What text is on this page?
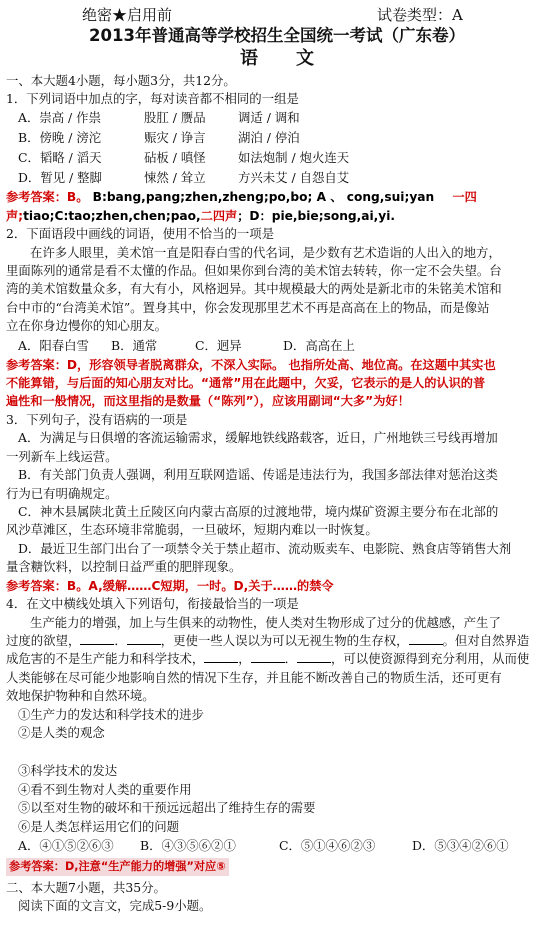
绝密★启用前	试卷类型：A
2013年普通高等学校招生全国统一考试（广东卷）
语文
一、本大题4小题，每小题3分，共12分。
1．下列词语中加点的字，每对读音都不相同的一组是
A．崇高 / 作祟	股肛 / 赝品	调适 / 调和
B．傍晚 / 滂沱	赈灾 / 诤言	湖泊 / 停泊
C．韬略 / 滔天	砧板 / 嗔怪	如法炮制 / 炮火连天
D．暂见 / 整脚	悚然 / 耸立	方兴未艾 / 自怨自艾
参考答案：B。 B:bang,pang;zhen,zheng;po,bo; A 、 cong,sui;yan 一四
声;tiao;C:tao;zhen,chen;pao,二四声；D：pie,bie;song,ai,yi.
2．下面语段中画线的词语，使用不恰当的一项是
在许多人眼里，美术馆一直是阳春白雪的代名词，是少数有艺术造诣的人出入的地方，
里面陈列的通常是看不太懂的作品。但如果你到台湾的美术馆去转转，你一定不会失望。台
湾的美术馆数量众多，有大有小，风格迥异。其中规模最大的两处是新北市的朱铭美术馆和
台中市的“台湾美术馆”。置身其中，你会发现那里艺术不再是高高在上的物品，而是像站
立在你身边慢你的知心朋友。
A．阳春白雪	B．通常	C．迥异	D．高高在上
参考答案：D，形容领导者脱离群众，不深入实际。 也指所处高、地位高。在这题中其实也
不能算错，与后面的知心朋友对比。“通常”用在此题中，欠妥，它表示的是人的认识的普
遍性和一般情况，而这里指的是数量（“陈列”），应该用副词“大多”为好！
3．下列句子，没有语病的一项是
A．为满足与日俱增的客流运输需求，缓解地铁线路载客，近日，广州地铁三号线再增加
一列新车上线运营。
B．有关部门负责人强调，利用互联网造谣、传谣是违法行为，我国多部法律对惩治这类
行为已有明确规定。
C．神木县属陕北黄土丘陵区向内蒙古高原的过渡地带，境内煤矿资源主要分布在北部的
风沙草滩区，生态环境非常脆弱，一旦破坏，短期内难以一时恢复。
D．最近卫生部门出台了一项禁令关于禁止超市、流动贩卖车、电影院、熟食店等销售大剂
量含糖饮料，以控制日益严重的肥胖现象。
参考答案：B。A,缓解……C短期，一时。D,关于……的禁令
4．在文中横线处填入下列语句，衔接最恰当的一项是
生产能力的增强，加上与生俱来的动物性，使人类对生物形成了过分的优越感，产生了
过度的欲望，	．	，更使一些人误以为可以无视生物的生存权，	。但对自然界造
成危害的不是生产能力和科学技术，	，	．	，可以使资源得到充分利用，从而使
人类能够在尽可能少地影响自然的情况下生存，并且能不断改善自己的物质生活，还可更有
效地保护物种和自然环境。
①生产力的发达和科学技术的进步
②是人类的观念
③科学技术的发达
④看不到生物对人类的重要作用
⑤以至对生物的破坏和干预远远超出了维持生存的需要
⑥是人类怎样运用它们的问题
A．④①⑤②⑥③	B．④③⑤⑥②①	C．⑤①④⑥②③	D．⑤③④②⑥①
参考答案：D,注意“生产能力的增强”对应⑤
二、本大题7小题，共35分。
阅读下面的文言文，完成5-9小题。
